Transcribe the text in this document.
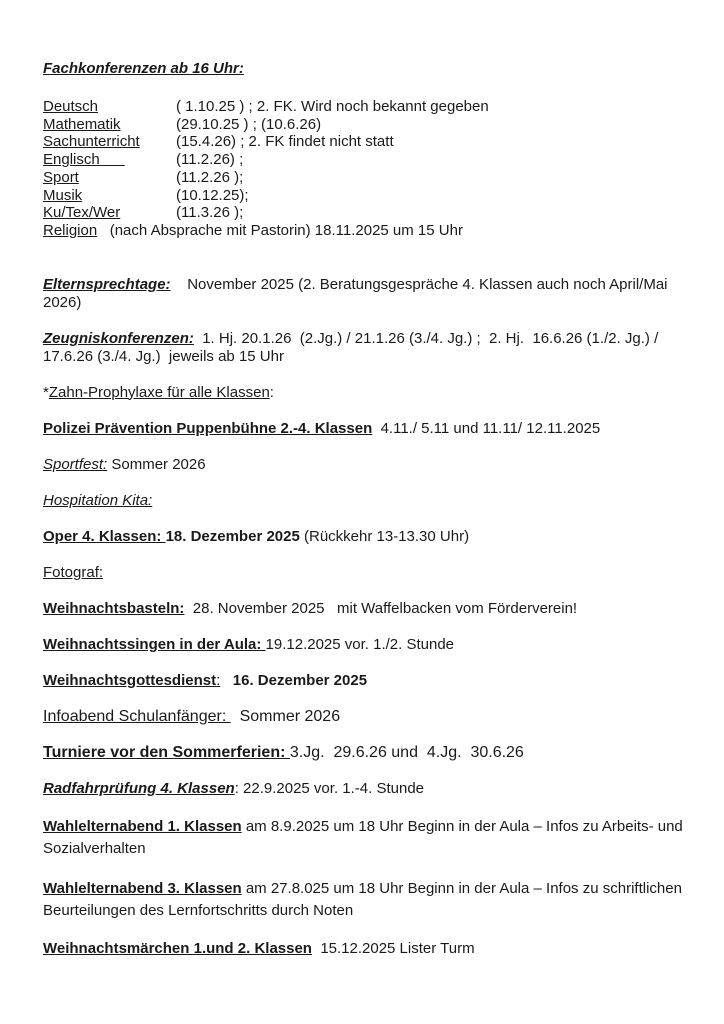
Fachkonferenzen ab 16 Uhr:

Deutsch	( 1.10.25 ) ; 2. FK. Wird noch bekannt gegeben
Mathematik	(29.10.25 ) ; (10.6.26)
Sachunterricht	(15.4.26) ; 2. FK findet nicht statt
Englisch	(11.2.26) ;
Sport	(11.2.26 );
Musik	(10.12.25);
Ku/Tex/Wer	(11.3.26 );

Religion   (nach Absprache mit Pastorin) 18.11.2025 um 15 Uhr

Elternsprechtage:    November 2025 (2. Beratungsgespräche 4. Klassen auch noch April/Mai 2026)

Zeugniskonferenzen:  1. Hj. 20.1.26  (2.Jg.) / 21.1.26 (3./4. Jg.) ;  2. Hj.  16.6.26 (1./2. Jg.) / 17.6.26 (3./4. Jg.)  jeweils ab 15 Uhr

*Zahn-Prophylaxe für alle Klassen:

Polizei Prävention Puppenbühne 2.-4. Klassen  4.11./ 5.11 und 11.11/ 12.11.2025

Sportfest: Sommer 2026

Hospitation Kita:

Oper 4. Klassen: 18. Dezember 2025 (Rückkehr 13-13.30 Uhr)

Fotograf:

Weihnachtsbasteln:  28. November 2025   mit Waffelbacken vom Förderverein!

Weihnachtssingen in der Aula: 19.12.2025 vor. 1./2. Stunde

Weihnachtsgottesdienst: 16. Dezember 2025

Infoabend Schulanfänger:   Sommer 2026

Turniere vor den Sommerferien: 3.Jg.  29.6.26 und  4.Jg.  30.6.26

Radfahrprüfung 4. Klassen: 22.9.2025 vor. 1.-4. Stunde

Wahlelternabend 1. Klassen am 8.9.2025 um 18 Uhr Beginn in der Aula – Infos zu Arbeits- und Sozialverhalten

Wahlelternabend 3. Klassen am 27.8.025 um 18 Uhr Beginn in der Aula – Infos zu schriftlichen Beurteilungen des Lernfortschritts durch Noten

Weihnachtsmärchen 1.und 2. Klassen  15.12.2025 Lister Turm
